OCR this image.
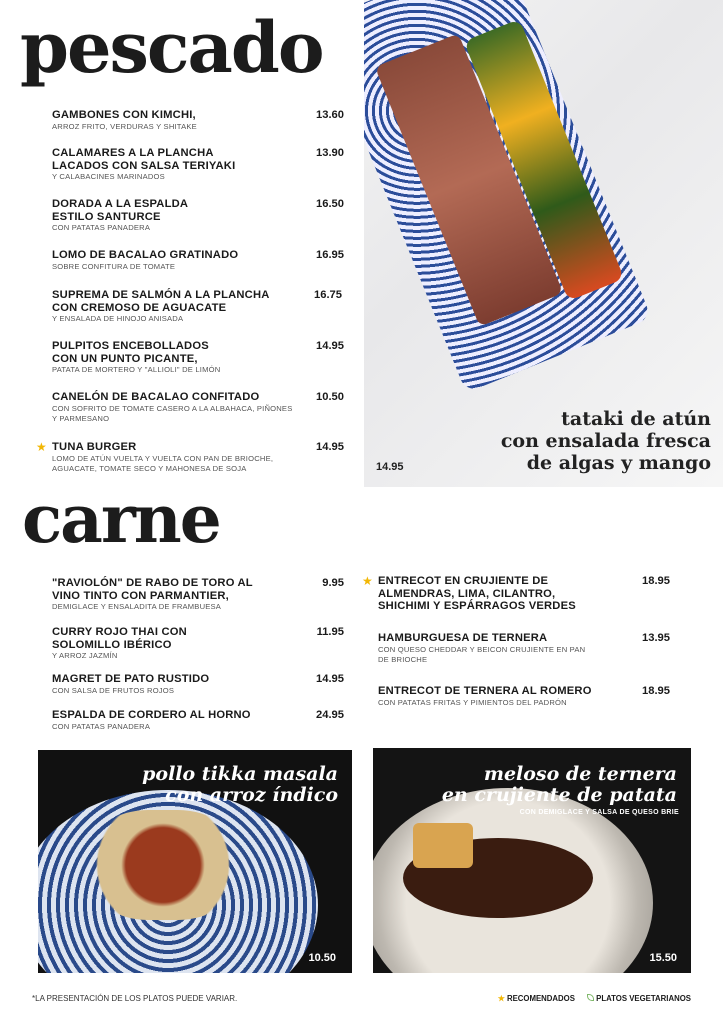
pescado
GAMBONES CON KIMCHI,
ARROZ FRITO, VERDURAS Y SHITAKE
13.60
CALAMARES A LA PLANCHA LACADOS CON SALSA TERIYAKI
Y CALABACINES MARINADOS
13.90
DORADA A LA ESPALDA ESTILO SANTURCE
CON PATATAS PANADERA
16.50
LOMO DE BACALAO GRATINADO
SOBRE CONFITURA DE TOMATE
16.95
SUPREMA DE SALMÓN A LA PLANCHA CON CREMOSO DE AGUACATE
Y ENSALADA DE HINOJO ANISADA
16.75
PULPITOS ENCEBOLLADOS CON UN PUNTO PICANTE,
PATATA DE MORTERO Y "ALLIOLI" DE LIMÓN
14.95
CANELÓN DE BACALAO CONFITADO
CON SOFRITO DE TOMATE CASERO A LA ALBAHACA, PIÑONES Y PARMESANO
10.50
★ TUNA BURGER
LOMO DE ATÚN VUELTA Y VUELTA CON PAN DE BRIOCHE, AGUACATE, TOMATE SECO Y MAHONESA DE SOJA
14.95
tataki de atún
con ensalada fresca
de algas y mango
14.95
carne
"RAVIOLÓN" DE RABO DE TORO AL VINO TINTO CON PARMANTIER,
DEMIGLACE Y ENSALADITA DE FRAMBUESA
9.95
CURRY ROJO THAI CON SOLOMILLO IBÉRICO
Y ARROZ JAZMÍN
11.95
MAGRET DE PATO RUSTIDO
CON SALSA DE FRUTOS ROJOS
14.95
ESPALDA DE CORDERO AL HORNO
CON PATATAS PANADERA
24.95
★ ENTRECOT EN CRUJIENTE DE ALMENDRAS, LIMA, CILANTRO, SHICHIMI Y ESPÁRRAGOS VERDES
18.95
HAMBURGUESA DE TERNERA
CON QUESO CHEDDAR Y BEICON CRUJIENTE EN PAN DE BRIOCHE
13.95
ENTRECOT DE TERNERA AL ROMERO
CON PATATAS FRITAS Y PIMIENTOS DEL PADRÓN
18.95
pollo tikka masala
con arroz índico
10.50
meloso de ternera
en crujiente de patata
CON DEMIGLACE Y SALSA DE QUESO BRIE
15.50
*LA PRESENTACIÓN DE LOS PLATOS PUEDE VARIAR.	★ RECOMENDADOS	PLATOS VEGETARIANOS
